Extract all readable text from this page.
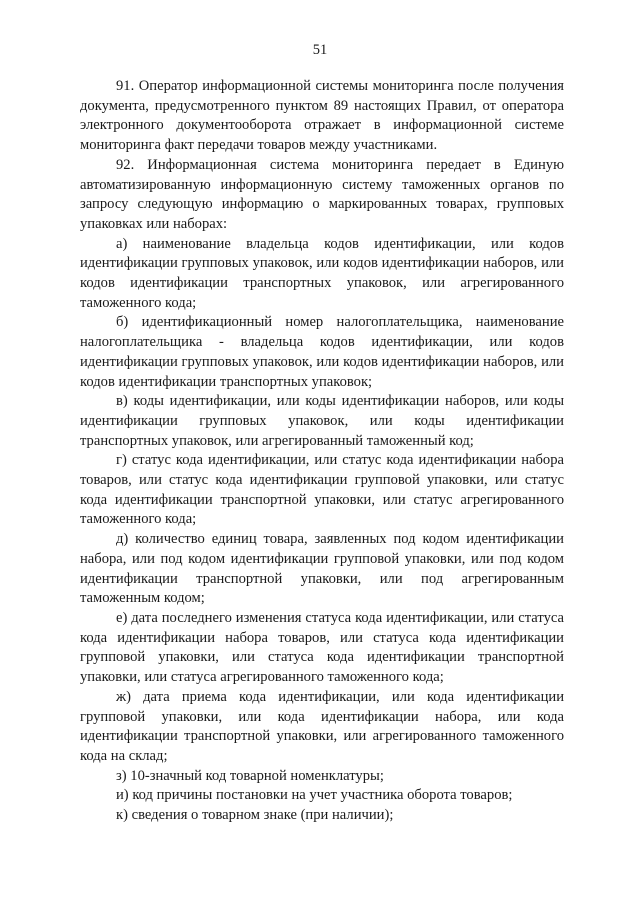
51

91. Оператор информационной системы мониторинга после получения документа, предусмотренного пунктом 89 настоящих Правил, от оператора электронного документооборота отражает в информационной системе мониторинга факт передачи товаров между участниками.

92. Информационная система мониторинга передает в Единую автоматизированную информационную систему таможенных органов по запросу следующую информацию о маркированных товарах, групповых упаковках или наборах:

а) наименование владельца кодов идентификации, или кодов идентификации групповых упаковок, или кодов идентификации наборов, или кодов идентификации транспортных упаковок, или агрегированного таможенного кода;

б) идентификационный номер налогоплательщика, наименование налогоплательщика - владельца кодов идентификации, или кодов идентификации групповых упаковок, или кодов идентификации наборов, или кодов идентификации транспортных упаковок;

в) коды идентификации, или коды идентификации наборов, или коды идентификации групповых упаковок, или коды идентификации транспортных упаковок, или агрегированный таможенный код;

г) статус кода идентификации, или статус кода идентификации набора товаров, или статус кода идентификации групповой упаковки, или статус кода идентификации транспортной упаковки, или статус агрегированного таможенного кода;

д) количество единиц товара, заявленных под кодом идентификации набора, или под кодом идентификации групповой упаковки, или под кодом идентификации транспортной упаковки, или под агрегированным таможенным кодом;

е) дата последнего изменения статуса кода идентификации, или статуса кода идентификации набора товаров, или статуса кода идентификации групповой упаковки, или статуса кода идентификации транспортной упаковки, или статуса агрегированного таможенного кода;

ж) дата приема кода идентификации, или кода идентификации групповой упаковки, или кода идентификации набора, или кода идентификации транспортной упаковки, или агрегированного таможенного кода на склад;

з) 10-значный код товарной номенклатуры;

и) код причины постановки на учет участника оборота товаров;

к) сведения о товарном знаке (при наличии);
